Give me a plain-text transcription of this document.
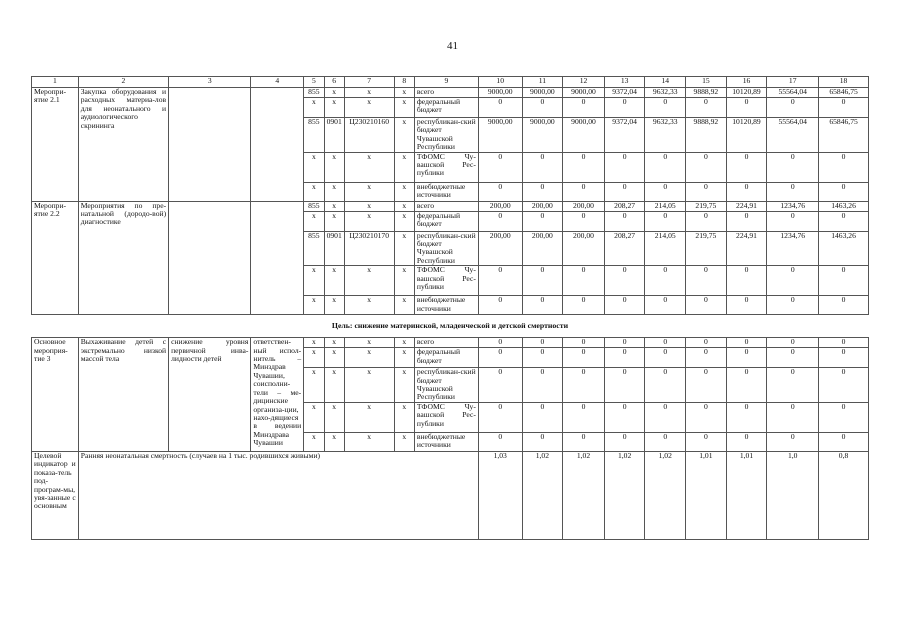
41
1	2	3	4	5	6	7	8	9	10	11	12	13	14	15	16	17	18
Меропри-ятие 2.1	Закупка оборудования и расходных материа-лов для неонатального и аудиологического скрининга			855	x	x	x	всего	9000,00	9000,00	9000,00	9372,04	9632,33	9888,92	10120,89	55564,04	65846,75
				x	x	x	x	федеральный бюджет	0	0	0	0	0	0	0	0	0
				855	0901	Ц230210160	x	республикан-ский бюджет Чувашской Республики	9000,00	9000,00	9000,00	9372,04	9632,33	9888,92	10120,89	55564,04	65846,75
				x	x	x	x	ТФОМС Чу-вашской Рес-публики	0	0	0	0	0	0	0	0	0
				x	x	x	x	внебюджетные источники	0	0	0	0	0	0	0	0	0
Меропри-ятие 2.2	Мероприятия по пре-натальной (дородо-вой) диагностике			855	x	x	x	всего	200,00	200,00	200,00	208,27	214,05	219,75	224,91	1234,76	1463,26
				x	x	x	x	федеральный бюджет	0	0	0	0	0	0	0	0	0
				855	0901	Ц230210170	x	республикан-ский бюджет Чувашской Республики	200,00	200,00	200,00	208,27	214,05	219,75	224,91	1234,76	1463,26
				x	x	x	x	ТФОМС Чу-вашской Рес-публики	0	0	0	0	0	0	0	0	0
				x	x	x	x	внебюджетные источники	0	0	0	0	0	0	0	0	0
Цель: снижение материнской, младенческой и детской смертности																	
Основное мероприя-тие 3	Выхаживание детей с экстремально низкой массой тела	снижение уровня первичной инва-лидности детей	ответствен-ный испол-нитель – Минздрав Чувашии, соисполни-тели – ме-дицинские организа-ции, нахо-дящиеся в ведении Минздрава Чувашии	x	x	x	x	всего	0	0	0	0	0	0	0	0	0
				x	x	x	x	федеральный бюджет	0	0	0	0	0	0	0	0	0
				x	x	x	x	республикан-ский бюджет Чувашской Республики	0	0	0	0	0	0	0	0	0
				x	x	x	x	ТФОМС Чу-вашской Рес-публики	0	0	0	0	0	0	0	0	0
				x	x	x	x	внебюджетные источники	0	0	0	0	0	0	0	0	0
Целевой индикатор и показа-тель под-програм-мы, увя-занные с основным	Ранняя неонатальная смертность (случаев на 1 тыс. родившихся живыми)								1,03	1,02	1,02	1,02	1,02	1,01	1,01	1,0	0,8
